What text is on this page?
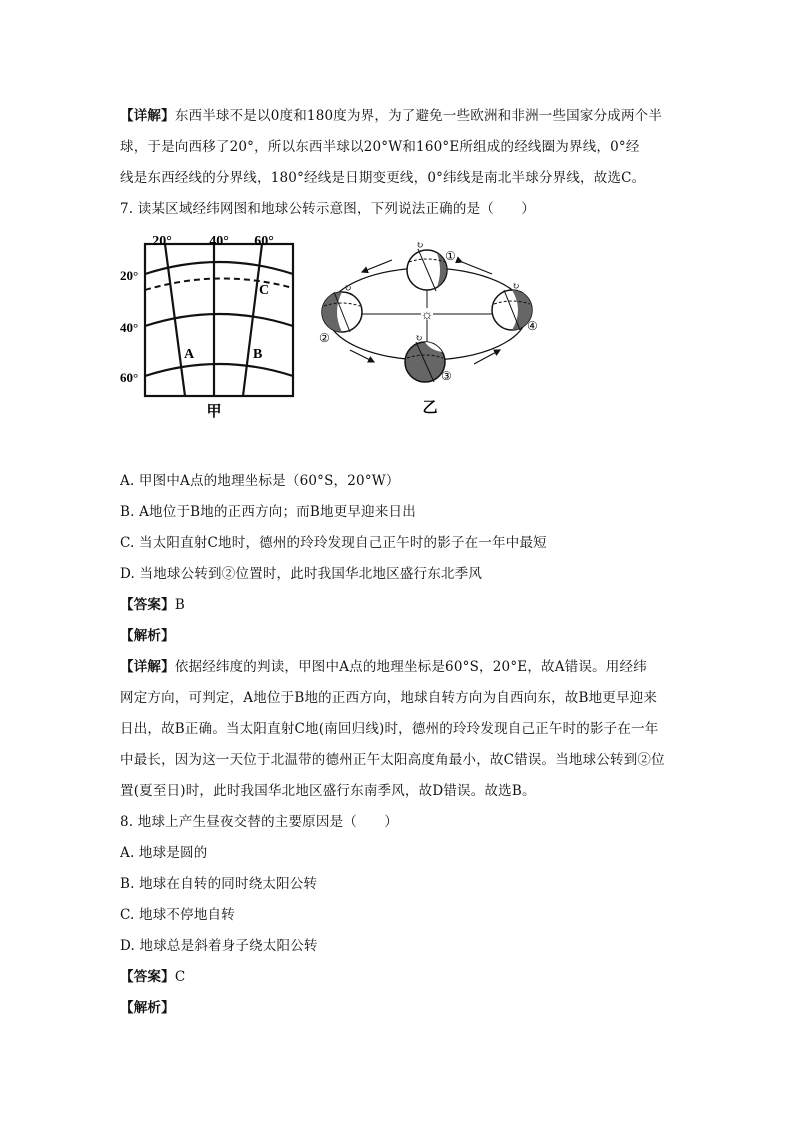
【详解】东西半球不是以0度和180度为界，为了避免一些欧洲和非洲一些国家分成两个半
球，于是向西移了20°，所以东西半球以20°W和160°E所组成的经线圈为界线，0°经
线是东西经线的分界线，180°经线是日期变更线，0°纬线是南北半球分界线，故选C。
7. 读某区域经纬网图和地球公转示意图，下列说法正确的是（　　）
20°	40° 60°
20°
40°
60°
A	B
C
甲
☼
↻
①
↻
②	↻
③
↻
④
乙
A. 甲图中A点的地理坐标是（60°S，20°W）
B. A地位于B地的正西方向；而B地更早迎来日出
C. 当太阳直射C地时，德州的玲玲发现自己正午时的影子在一年中最短
D. 当地球公转到②位置时，此时我国华北地区盛行东北季风
【答案】B
【解析】
【详解】依据经纬度的判读，甲图中A点的地理坐标是60°S，20°E，故A错误。用经纬
网定方向，可判定，A地位于B地的正西方向，地球自转方向为自西向东，故B地更早迎来
日出，故B正确。当太阳直射C地(南回归线)时，德州的玲玲发现自己正午时的影子在一年
中最长，因为这一天位于北温带的德州正午太阳高度角最小，故C错误。当地球公转到②位
置(夏至日)时，此时我国华北地区盛行东南季风，故D错误。故选B。
8. 地球上产生昼夜交替的主要原因是（　　）
A. 地球是圆的
B. 地球在自转的同时绕太阳公转
C. 地球不停地自转
D. 地球总是斜着身子绕太阳公转
【答案】C
【解析】
